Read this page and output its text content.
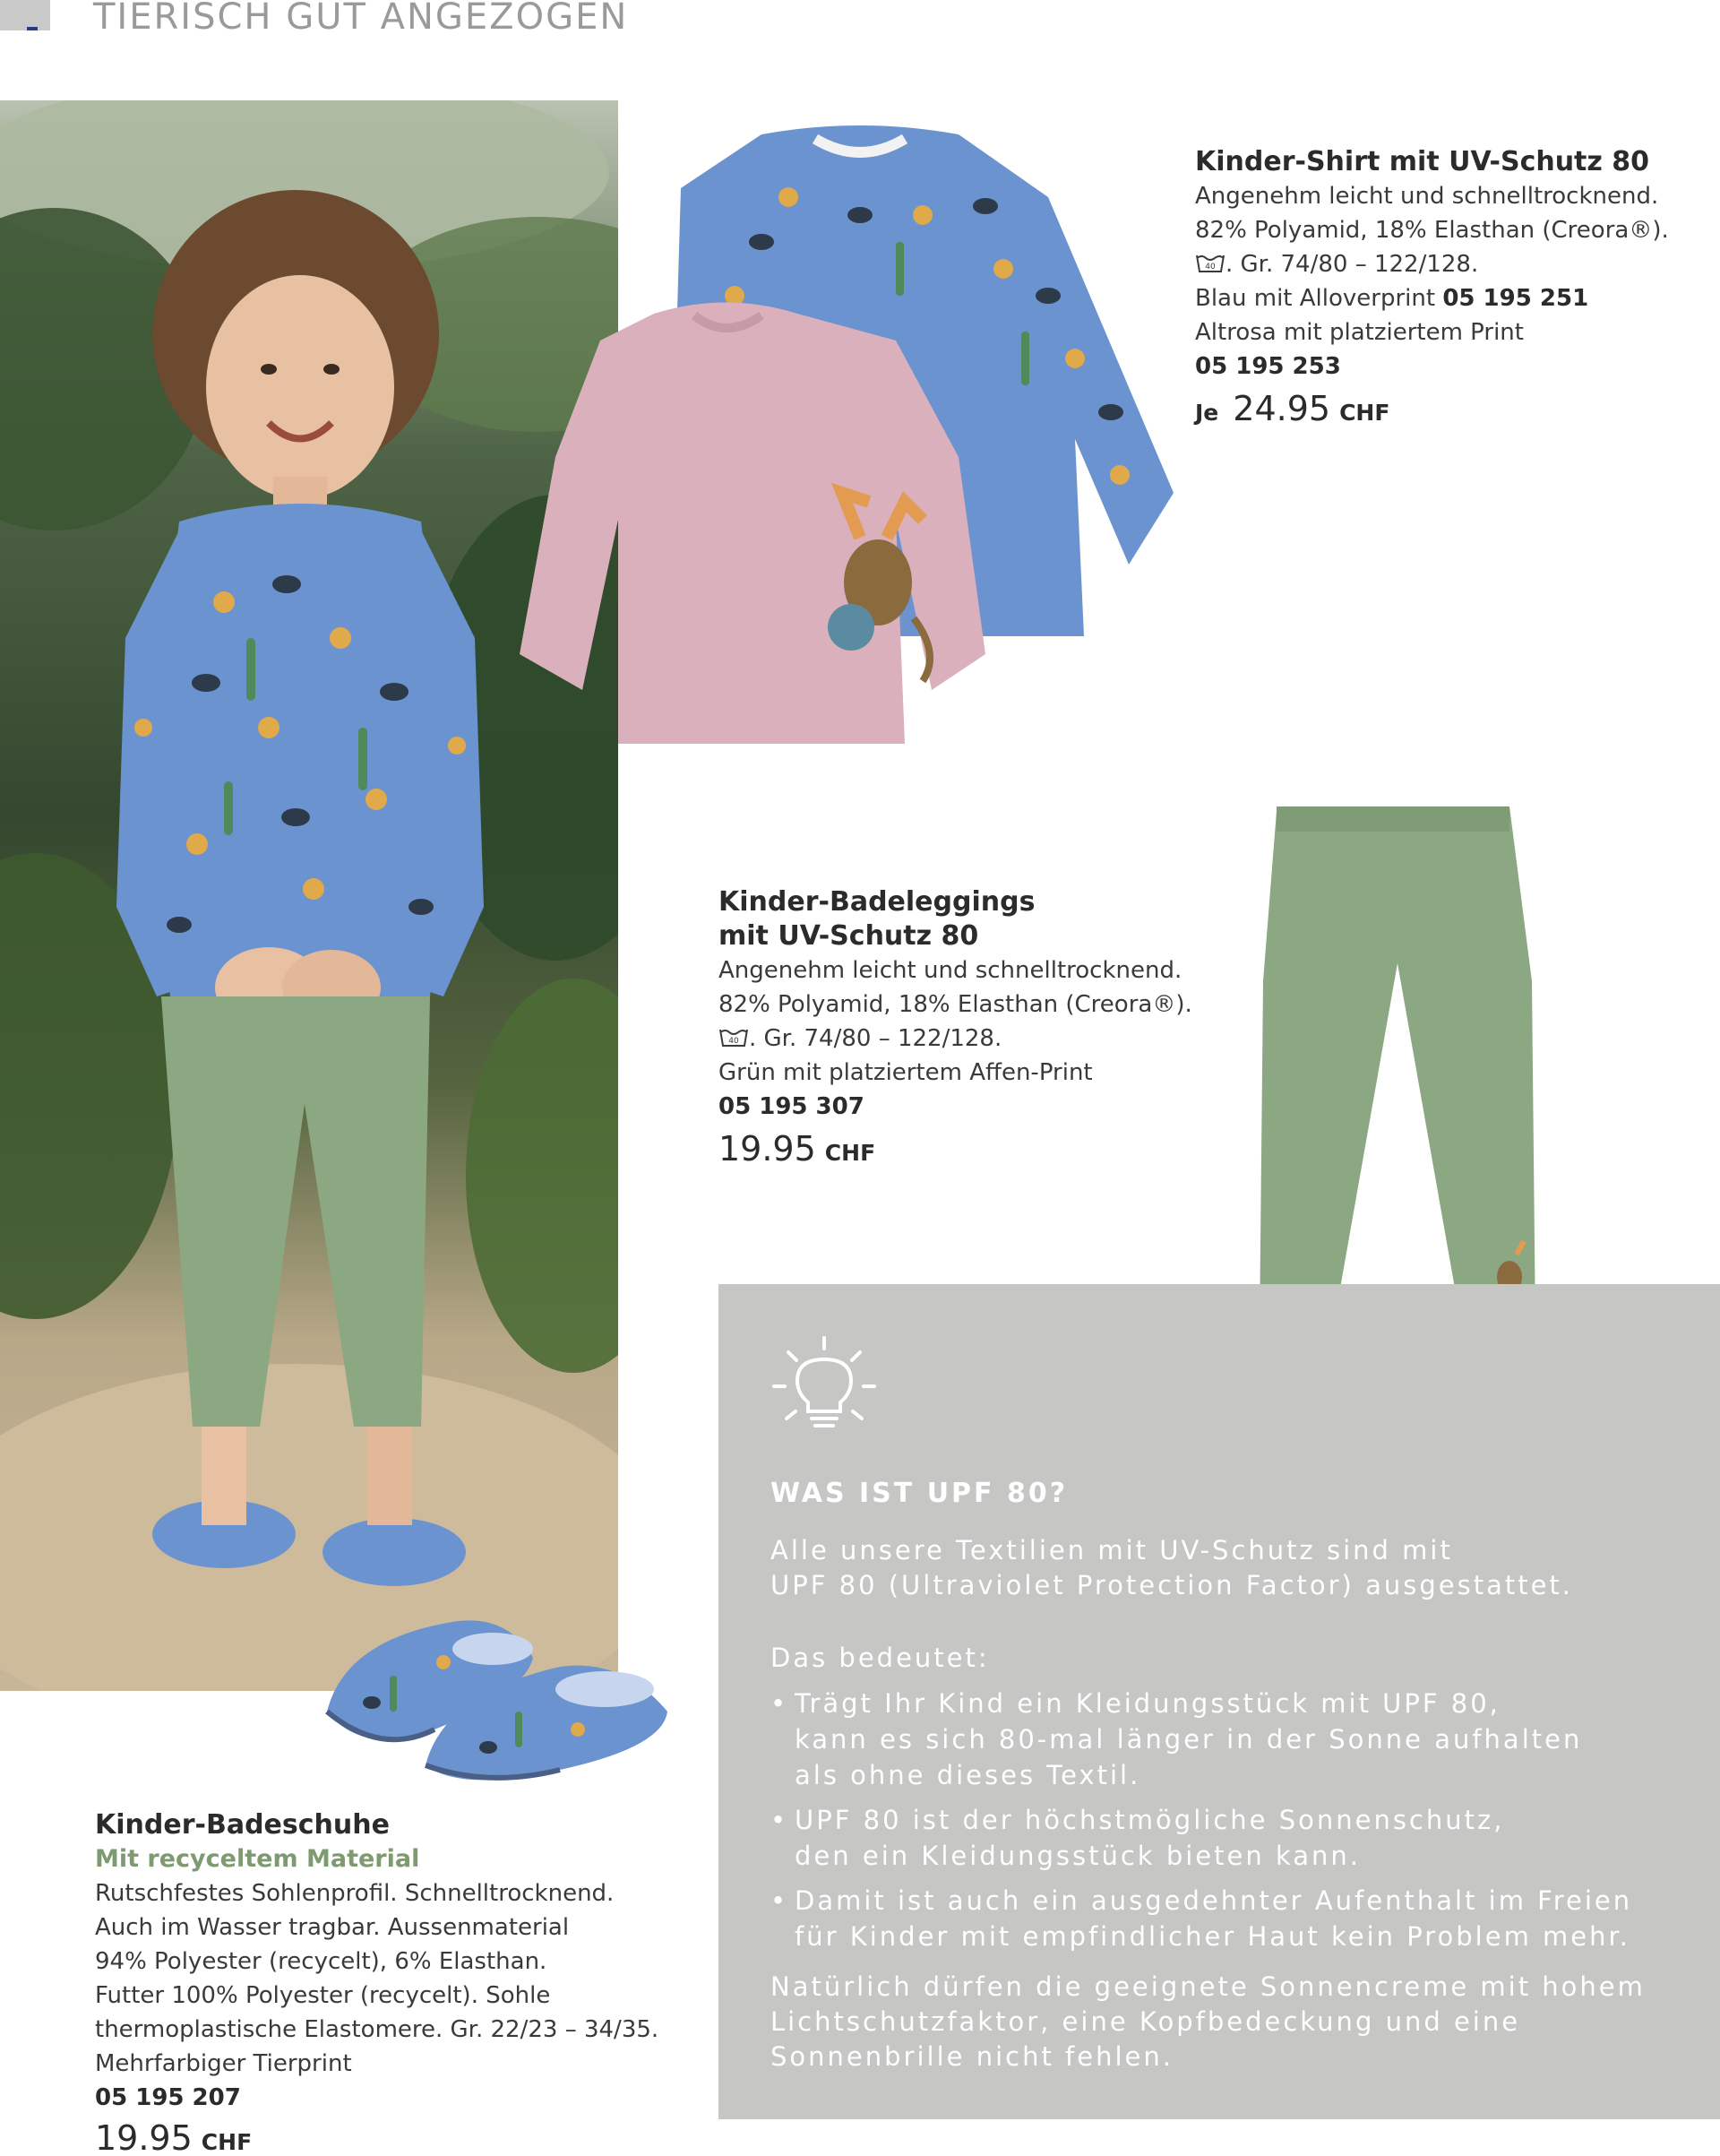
TIERISCH GUT ANGEZOGEN
Kinder-Shirt mit UV-Schutz 80
Angenehm leicht und schnelltrocknend.
82% Polyamid, 18% Elasthan (Creora®).
40 . Gr. 74/80 – 122/128.
Blau mit Alloverprint 05 195 251
Altrosa mit platziertem Print
05 195 253
Je 24.95 CHF
Kinder-Badeleggings
mit UV-Schutz 80
Angenehm leicht und schnelltrocknend.
82% Polyamid, 18% Elasthan (Creora®).
40 . Gr. 74/80 – 122/128.
Grün mit platziertem Affen-Print
05 195 307
19.95 CHF
Kinder-Badeschuhe
Mit recyceltem Material
Rutschfestes Sohlenprofil. Schnelltrocknend.
Auch im Wasser tragbar. Aussenmaterial
94% Polyester (recycelt), 6% Elasthan.
Futter 100% Polyester (recycelt). Sohle
thermoplastische Elastomere. Gr. 22/23 – 34/35.
Mehrfarbiger Tierprint
05 195 207
19.95 CHF
WAS IST UPF 80?
Alle unsere Textilien mit UV-Schutz sind mit
UPF 80 (Ultraviolet Protection Factor) ausgestattet.
Das bedeutet:
• Trägt Ihr Kind ein Kleidungsstück mit UPF 80,
kann es sich 80-mal länger in der Sonne aufhalten
als ohne dieses Textil.
• UPF 80 ist der höchstmögliche Sonnenschutz,
den ein Kleidungsstück bieten kann.
• Damit ist auch ein ausgedehnter Aufenthalt im Freien
für Kinder mit empfindlicher Haut kein Problem mehr.
Natürlich dürfen die geeignete Sonnencreme mit hohem
Lichtschutzfaktor, eine Kopfbedeckung und eine
Sonnenbrille nicht fehlen.
